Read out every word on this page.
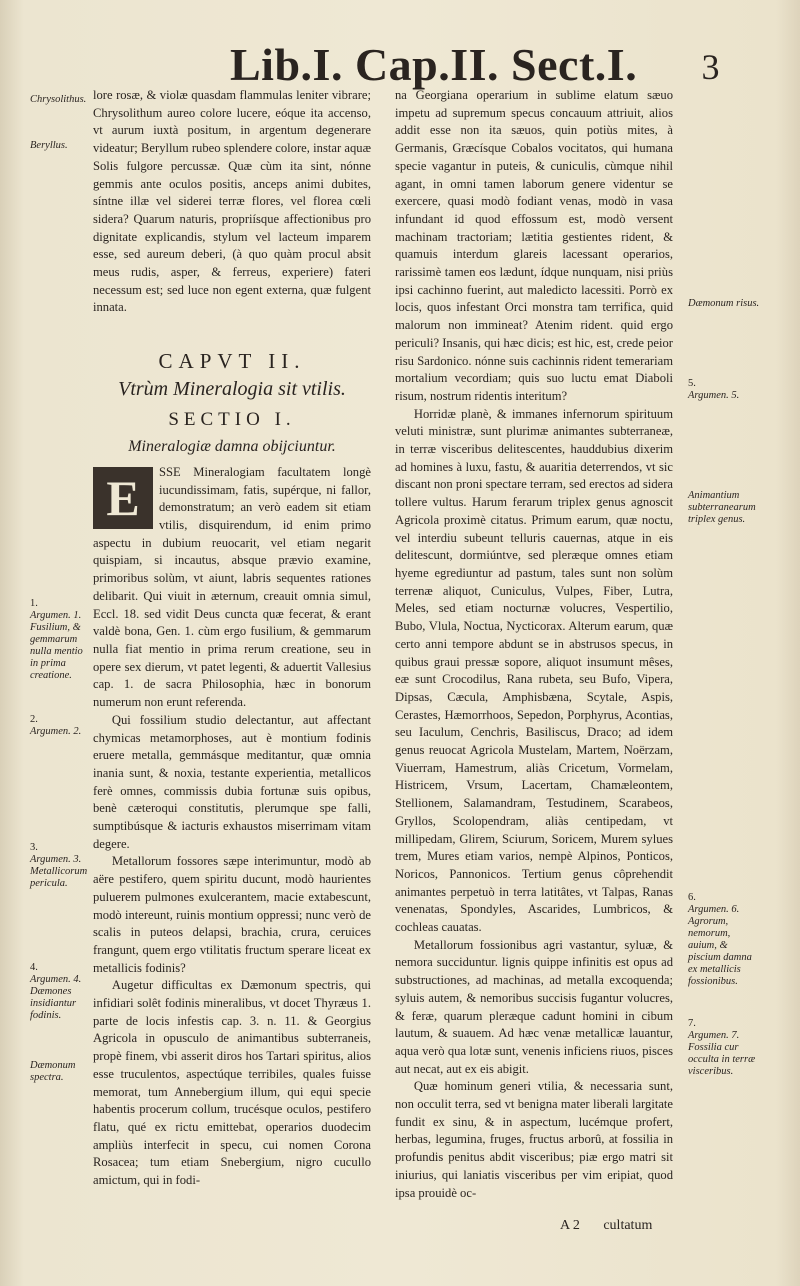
Lib.I. Cap.II. Sect.I. 3
Chrysolithus.
Beryllus.
1.
Argumen. 1. Fusilium, & gemmarum nulla mentio in prima creatione.
2.
Argumen. 2.
3.
Argumen. 3. Metallicorum pericula.
4.
Argumen. 4. Dæmones insidiantur fodinis.
Dæmonum spectra.
Dæmonum risus.
5.
Argumen. 5.
Animantium subterranearum triplex genus.
6.
Argumen. 6. Agrorum, nemorum, auium, & piscium damna ex metallicis fossionibus.
7.
Argumen. 7. Fossilia cur occulta in terræ visceribus.

lore rosæ, & violæ quasdam flammulas leniter vibrare; Chrysolithum aureo colore lucere, eóque ita accenso, vt aurum iuxtà positum, in argentum degenerare videatur; Beryllum rubeo splendere colore, instar aquæ Solis fulgore percussæ. Quæ cùm ita sint, nónne gemmis ante oculos positis, anceps animi dubites, síntne illæ vel siderei terræ flores, vel florea cœli sidera? Quarum naturis, propriísque affectionibus pro dignitate explicandis, stylum vel lacteum imparem esse, sed aureum deberi, (à quo quàm procul absit meus rudis, asper, & ferreus, experiere) fateri necessum est; sed luce non egent externa, quæ fulgent innata.

CAPVT II.
Vtrùm Mineralogia sit vtilis.
SECTIO I.
Mineralogiæ damna obijciuntur.

E	SSE Mineralogiam facultatem longè iucundissimam, fatis, supérque, ni fallor, demonstratum; an verò eadem sit etiam vtilis, disquirendum, id enim primo aspectu in dubium reuocarit, vel etiam negarit quispiam, si incautus, absque prævio examine, primoribus solùm, vt aiunt, labris sequentes rationes delibarit. Qui viuit in æternum, creauit omnia simul, Eccl. 18. sed vidit Deus cuncta quæ fecerat, & erant valdè bona, Gen. 1. cùm ergo fusilium, & gemmarum nulla fiat mentio in prima rerum creatione, seu in opere sex dierum, vt patet legenti, & aduertit Vallesius cap. 1. de sacra Philosophia, hæc in bonorum numerum non erunt referenda.

Qui fossilium studio delectantur, aut affectant chymicas metamorphoses, aut è montium fodinis eruere metalla, gemmásque meditantur, quæ omnia inania sunt, & noxia, testante experientia, metallicos ferè omnes, commissis dubia fortunæ suis opibus, benè cæteroqui constitutis, plerumque spe falli, sumptibúsque & iacturis exhaustos miserrimam vitam degere.

Metallorum fossores sæpe interimuntur, modò ab aëre pestifero, quem spiritu ducunt, modò haurientes puluerem pulmones exulcerantem, macie extabescunt, modò intereunt, ruinis montium oppressi; nunc verò de scalis in puteos delapsi, brachia, crura, ceruices frangunt, quem ergo vtilitatis fructum sperare liceat ex metallicis fodinis?

Augetur difficultas ex Dæmonum spectris, qui infidiari solêt fodinis mineralibus, vt docet Thyræus 1. parte de locis infestis cap. 3. n. 11. & Georgius Agricola in opusculo de animantibus subterraneis, propè finem, vbi asserit diros hos Tartari spiritus, alios esse truculentos, aspectúque terribiles, quales fuisse memorat, tum Annebergium illum, qui equi specie habentis procerum collum, trucésque oculos, pestifero flatu, qué ex rictu emittebat, operarios duodecim ampliùs interfecit in specu, cui nomen Corona Rosacea; tum etiam Snebergium, nigro cucullo amictum, qui in fodi-

na Georgiana operarium in sublime elatum sæuo impetu ad supremum specus concauum attriuit, alios addit esse non ita sæuos, quin potiùs mites, à Germanis, Græcísque Cobalos vocitatos, qui humana specie vagantur in puteis, & cuniculis, cùmque nihil agant, in omni tamen laborum genere videntur se exercere, quasi modò fodiant venas, modò in vasa infundant id quod effossum est, modò versent machinam tractoriam; lætitia gestientes rident, & quamuis interdum glareis lacessant operarios, rarissimè tamen eos lædunt, ídque nunquam, nisi priùs ipsi cachinno fuerint, aut maledicto lacessiti. Porrò ex locis, quos infestant Orci monstra tam terrifica, quid malorum non immineat? Atenim rident. quid ergo periculi? Insanis, qui hæc dicis; est hic, est, crede peior risu Sardonico. nónne suis cachinnis rident temerariam mortalium vecordiam; quis suo luctu emat Diaboli risum, nostrum ridentis interitum?

Horridæ planè, & immanes infernorum spirituum veluti ministræ, sunt plurimæ animantes subterraneæ, in terræ visceribus delitescentes, hauddubius dixerim ad homines à luxu, fastu, & auaritia deterrendos, vt sic discant non proni spectare terram, sed erectos ad sidera tollere vultus. Harum ferarum triplex genus agnoscit Agricola proximè citatus. Primum earum, quæ noctu, vel interdiu subeunt telluris cauernas, atque in eis delitescunt, dormiúntve, sed pleræque omnes etiam hyeme egrediuntur ad pastum, tales sunt non solùm terrenæ aliquot, Cuniculus, Vulpes, Fiber, Lutra, Meles, sed etiam nocturnæ volucres, Vespertilio, Bubo, Vlula, Noctua, Nycticorax. Alterum earum, quæ certo anni tempore abdunt se in abstrusos specus, in quibus graui pressæ sopore, aliquot insumunt mêses, eæ sunt Crocodilus, Rana rubeta, seu Bufo, Vipera, Dipsas, Cæcula, Amphisbæna, Scytale, Aspis, Cerastes, Hæmorrhoos, Sepedon, Porphyrus, Acontias, seu Iaculum, Cenchris, Basiliscus, Draco; ad idem genus reuocat Agricola Mustelam, Martem, Noërzam, Viuerram, Hamestrum, aliàs Cricetum, Vormelam, Histricem, Vrsum, Lacertam, Chamæleontem, Stellionem, Salamandram, Testudinem, Scarabeos, Gryllos, Scolopendram, aliàs centipedam, vt millipedam, Glirem, Sciurum, Soricem, Murem sylues trem, Mures etiam varios, nempè Alpinos, Ponticos, Noricos, Pannonicos. Tertium genus côprehendit animantes perpetuò in terra latitâtes, vt Talpas, Ranas venenatas, Spondyles, Ascarides, Lumbricos, & cochleas cauatas.

Metallorum fossionibus agri vastantur, syluæ, & nemora succiduntur. lignis quippe infinitis est opus ad substructiones, ad machinas, ad metalla excoquenda; syluis autem, & nemoribus succisis fugantur volucres, & feræ, quarum pleræque cadunt homini in cibum lautum, & suauem. Ad hæc venæ metallicæ lauantur, aqua verò qua lotæ sunt, venenis inficiens riuos, pisces aut necat, aut ex eis abigit.

Quæ hominum generi vtilia, & necessaria sunt, non occulit terra, sed vt benigna mater liberali largitate fundit ex sinu, & in aspectum, lucémque profert, herbas, legumina, fruges, fructus arborû, at fossilia in profundis penitus abdit visceribus; piæ ergo matri sit iniurius, qui laniatis visceribus per vim eripiat, quod ipsa prouidè oc-

A 2 cultatum
